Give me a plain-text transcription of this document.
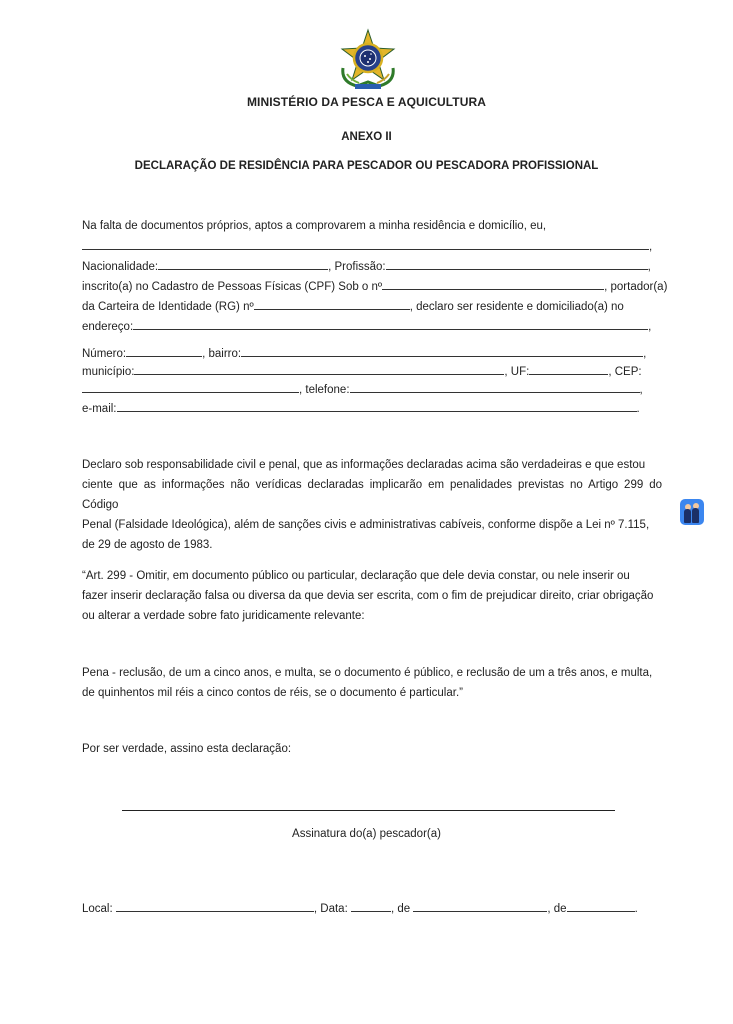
MINISTÉRIO DA PESCA E AQUICULTURA
ANEXO II
DECLARAÇÃO DE RESIDÊNCIA PARA PESCADOR OU PESCADORA PROFISSIONAL
Na falta de documentos próprios, aptos a comprovarem a minha residência e domicílio, eu,
,
Nacionalidade:	, Profissão:	,
inscrito(a) no Cadastro de Pessoas Físicas (CPF) Sob o nº	, portador(a)
da Carteira de Identidade (RG) nº	, declaro ser residente e domiciliado(a) no
endereço:	,
Número:	, bairro:	,
município:	, UF:	, CEP:
, telefone:	,
e-mail:	.
Declaro sob responsabilidade civil e penal, que as informações declaradas acima são verdadeiras e que estou
ciente que as informações não verídicas declaradas implicarão em penalidades previstas no Artigo 299 do Código
Penal (Falsidade Ideológica), além de sanções civis e administrativas cabíveis, conforme dispõe a Lei nº 7.115,
de 29 de agosto de 1983.
“Art. 299 - Omitir, em documento público ou particular, declaração que dele devia constar, ou nele inserir ou
fazer inserir declaração falsa ou diversa da que devia ser escrita, com o fim de prejudicar direito, criar obrigação
ou alterar a verdade sobre fato juridicamente relevante:
Pena - reclusão, de um a cinco anos, e multa, se o documento é público, e reclusão de um a três anos, e multa,
de quinhentos mil réis a cinco contos de réis, se o documento é particular.”
Por ser verdade, assino esta declaração:
Assinatura do(a) pescador(a)
Local:	, Data:	, de	, de	.
